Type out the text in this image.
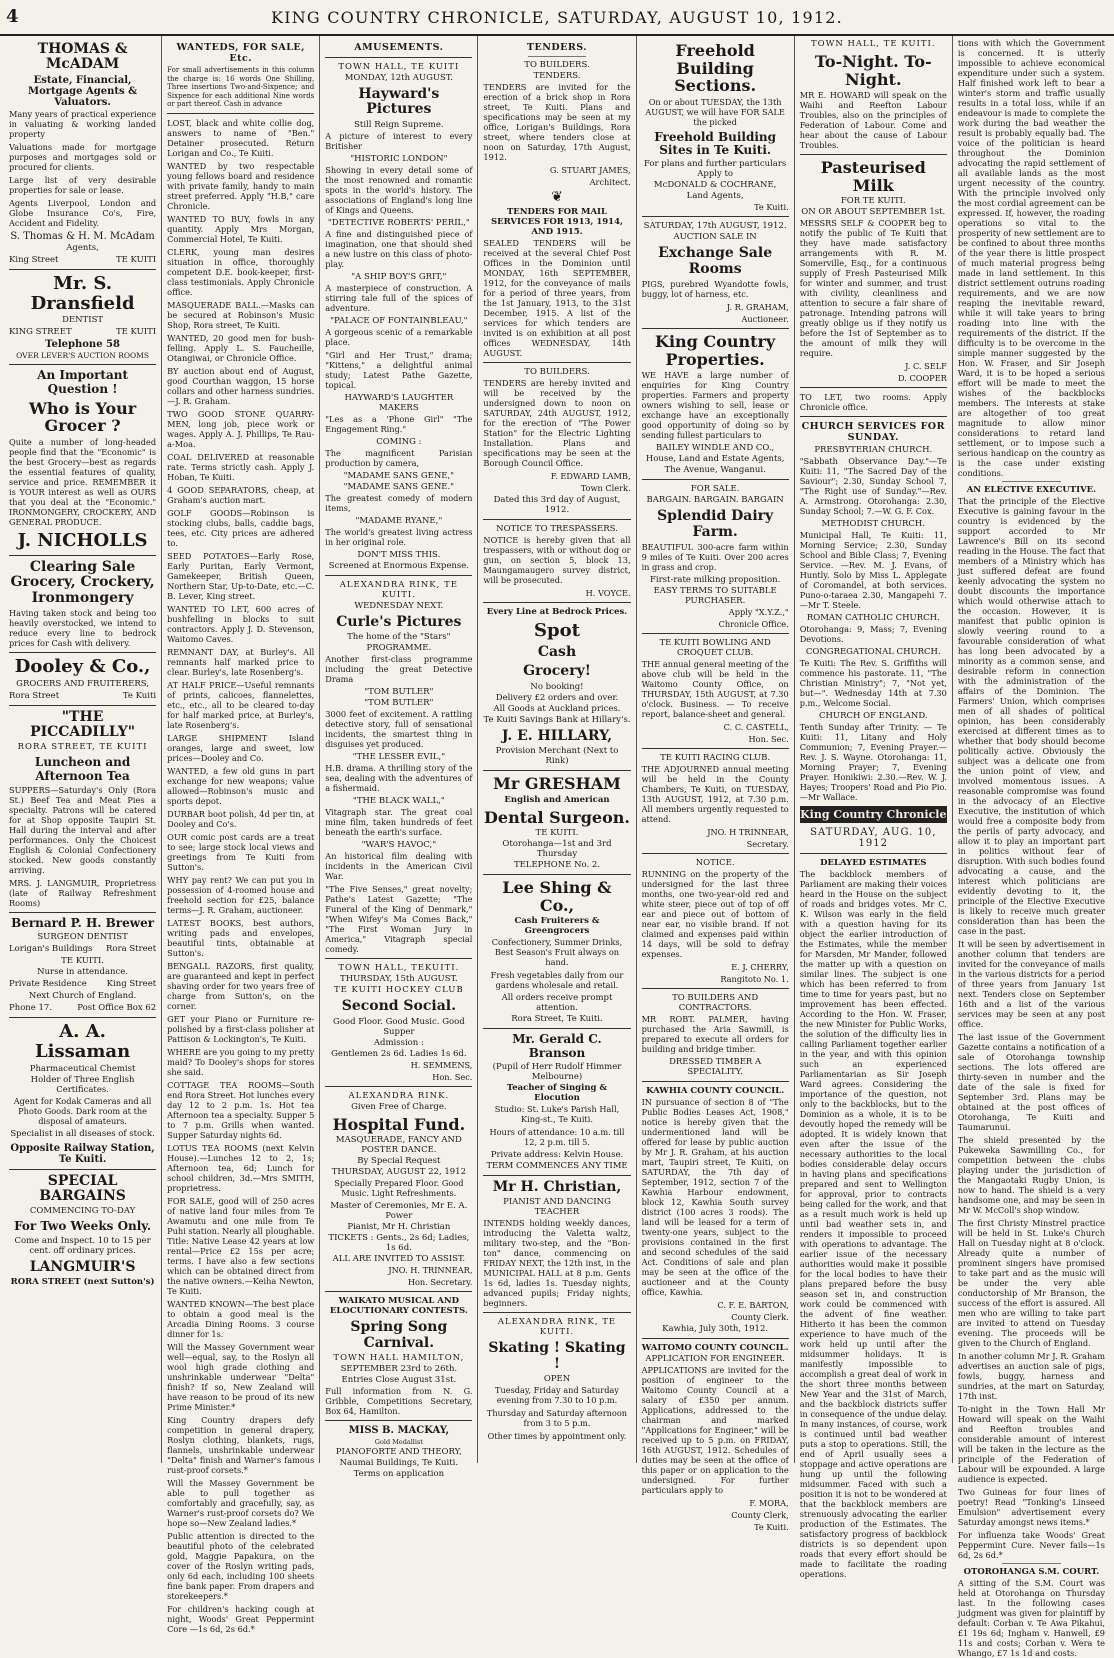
4	KING COUNTRY CHRONICLE, SATURDAY, AUGUST 10, 1912.
THOMAS & McADAM
Estate, Financial, Mortgage Agents & Valuators.

Many years of practical experience in valuating & working landed property

Valuations made for mortgage purposes and mortgages sold or procured for clients.

Large list of very desirable properties for sale or lease.

Agents Liverpool, London and Globe Insurance Co's, Fire, Accident and Fidelity.

S. Thomas & H. M. McAdam
Agents,
King Street	TE KUITI
Mr. S. Dransfield
DENTIST
KING STREET	TE KUITI
Telephone 58
OVER LEVER'S AUCTION ROOMS
An Important Question !
Who is Your Grocer ?

Quite a number of long-headed people find that the "Economic" is the best Grocery—best as regards the essential features of quality, service and price. REMEMBER it is YOUR interest as well as OURS that you deal at the "Economic." IRONMONGERY, CROCKERY, AND GENERAL PRODUCE.

J. NICHOLLS
Clearing Sale Grocery, Crockery, Ironmongery

Having taken stock and being too heavily overstocked, we intend to reduce every line to bedrock prices for Cash with delivery.

Dooley & Co.,
GROCERS AND FRUITERERS,
Rora Street	Te Kuiti
"THE PICCADILLY"
RORA STREET, TE KUITI
Luncheon and Afternoon Tea

SUPPERS—Saturday's Only (Rora St.) Beef Tea and Meat Pies a specialty. Patrons will be catered for at Shop opposite Taupiri St. Hall during the interval and after performances. Only the Choicest English & Colonial Confectionery stocked. New goods constantly arriving.

MRS. J. LANGMUIR, Proprietress (late of Railway Refreshment Rooms)

Bernard P. H. Brewer
SURGEON DENTIST
Lorigan's Buildings Rora Street
TE KUITI.
Nurse in attendance.
Private Residence King Street
Next Church of England.
Phone 17.	Post Office Box 62
A. A. Lissaman
Pharmaceutical Chemist
Holder of Three English Certificates.

Agent for Kodak Cameras and all Photo Goods. Dark room at the disposal of amateurs.

Specialist in all diseases of stock.
Opposite Railway Station, Te Kuiti.
SPECIAL BARGAINS
COMMENCING TO-DAY
For Two Weeks Only.
Come and Inspect. 10 to 15 per cent. off ordinary prices.
LANGMUIR'S
RORA STREET (next Sutton's)
WANTEDS, FOR SALE, Etc.

For small advertisements in this column the charge is: 16 words One Shilling, Three insertions Two-and-Sixpence; and Sixpence for each additional Nine words or part thereof. Cash in advance

LOST, black and white collie dog, answers to name of "Ben." Detainer prosecuted. Return Lorigan and Co., Te Kuiti.

WANTED by two respectable young fellows board and residence with private family, handy to main street preferred. Apply "H.B," care Chronicle.

WANTED TO BUY, fowls in any quantity. Apply Mrs Morgan, Commercial Hotel, Te Kuiti.

CLERK, young man desires situation in office, thoroughly competent D.E. book-keeper, first-class testimonials. Apply Chronicle office.

MASQUERADE BALL.—Masks can be secured at Robinson's Music Shop, Rora street, Te Kuiti.

WANTED, 20 good men for bush-felling. Apply L. S. Faucheille, Otangiwai, or Chronicle Office.

BY auction about end of August, good Courthan waggon, 15 horse collars and other harness sundries.—J. R. Graham.

TWO GOOD STONE QUARRY-MEN, long job, piece work or wages. Apply A. J. Phillips, Te Rau-a-Moa.

COAL DELIVERED at reasonable rate. Terms strictly cash. Apply J. Hoban, Te Kuiti.

4 GOOD SEPARATORS, cheap, at Graham's auction mart.

GOLF GOODS—Robinson is stocking clubs, balls, caddie bags, tees, etc. City prices are adhered to.

SEED POTATOES—Early Rose, Early Puritan, Early Vermont, Gamekeeper, British Queen, Northern Star, Up-to-Date, etc.—C. B. Lever, King street.

WANTED TO LET, 600 acres of bushfelling in blocks to suit contractors. Apply J. D. Stevenson, Waitomo Caves.

REMNANT DAY, at Burley's. All remnants half marked price to clear. Burley's, late Rosenberg's.

AT HALF PRICE—Useful remnants of prints, calicoes, flannelettes, etc., etc., all to be cleared to-day for half marked price, at Burley's, late Rosenberg's.

LARGE SHIPMENT Island oranges, large and sweet, low prices—Dooley and Co.

WANTED, a few old guns in part exchange for new weapons; value allowed—Robinson's music and sports depot.

DURBAR boot polish, 4d per tin, at Dooley and Co's.

OUR comic post cards are a treat to see; large stock local views and greetings from Te Kuiti from Sutton's.

WHY pay rent? We can put you in possession of 4-roomed house and freehold section for £25, balance terms—J. R. Graham, auctioneer.

LATEST BOOKS, best authors, writing pads and envelopes, beautiful tints, obtainable at Sutton's.

BENGALL RAZORS, first quality, are guaranteed and kept in perfect shaving order for two years free of charge from Sutton's, on the corner.

GET your Piano or Furniture re-polished by a first-class polisher at Pattison & Lockington's, Te Kuiti.

WHERE are you going to my pretty maid? To Dooley's shops for stores she said.

COTTAGE TEA ROOMS—South end Rora Street. Hot lunches every day 12 to 2 p.m. 1s. Hot tea Afternoon tea a specialty. Supper 5 to 7 p.m. Grills when wanted. Supper Saturday nights 6d.

LOTUS TEA ROOMS (next Kelvin House).—Lunches 12 to 2, 1s; Afternoon tea, 6d; Lunch for school children, 3d.—Mrs SMITH, proprietress.

FOR SALE, good will of 250 acres of native land four miles from Te Awamutu and one mile from Te Puhi station. Nearly all ploughable. Title: Native Lease 42 years at low rental—Price £2 15s per acre; terms. I have also a few sections which can be obtained direct from the native owners.—Keiha Newton, Te Kuiti.

WANTED KNOWN—The best place to obtain a good meal is the Arcadia Dining Rooms. 3 course dinner for 1s.

Will the Massey Government wear well—equal, say, to the Roslyn all wool high grade clothing and unshrinkable underwear "Delta" finish? If so, New Zealand will have reason to be proud of its new Prime Minister.*

King Country drapers defy competition in general drapery, Roslyn clothing, blankets, rugs, flannels, unshrinkable underwear "Delta" finish and Warner's famous rust-proof corsets.*

Will the Massey Government be able to pull together as comfortably and gracefully, say, as Warner's rust-proof corsets do? We hope so—New Zealand ladies.*

Public attention is directed to the beautiful photo of the celebrated gold, Maggie Papakura, on the cover of the Roslyn writing pads, only 6d each, including 100 sheets fine bank paper. From drapers and storekeepers.*

For children's hacking cough at night, Woods' Great Peppermint Core —1s 6d, 2s 6d.*

AMUSEMENTS.
TOWN HALL, TE KUITI
MONDAY, 12th AUGUST.
Hayward's Pictures
Still Reign Supreme.

A picture of interest to every Britisher

"HISTORIC LONDON"

Showing in every detail some of the most renowned and romantic spots in the world's history. The associations of England's long line of Kings and Queens.

"DETECTIVE ROBERTS' PERIL,"

A fine and distinguished piece of imagination, one that should shed a new lustre on this class of photo-play.

"A SHIP BOY'S GRIT,"

A masterpiece of construction. A stirring tale full of the spices of adventure.

"PALACE OF FONTAINBLEAU,"

A gorgeous scenic of a remarkable place.

"Girl and Her Trust," drama; "Kittens," a delightful animal study; Latest Pathe Gazette, topical.

HAYWARD'S LAUGHTER MAKERS

"Les as a 'Phone Girl" "The Engagement Ring."

COMING :

The magnificent Parisian production by camera,

"MADAME SANS GENE,"
"MADAME SANS GENE."

The greatest comedy of modern items,

"MADAME RYANE,"

The world's greatest living actress in her original role.

DON'T MISS THIS.
Screened at Enormous Expense.
ALEXANDRA RINK, TE KUITI.
WEDNESDAY NEXT.
Curle's Pictures
The home of the "Stars"
PROGRAMME.

Another first-class programme including the great Detective Drama

"TOM BUTLER"
"TOM BUTLER"

3000 feet of excitement. A rattling detective story, full of sensational incidents, the smartest thing in disguises yet produced.

"THE LESSER EVIL,"

H.B. drama. A thrilling story of the sea, dealing with the adventures of a fishermaid.

"THE BLACK WALL,"

Vitagraph star. The great coal mine film, taken hundreds of feet beneath the earth's surface.

"WAR'S HAVOC,"

An historical film dealing with incidents in the American Civil War.

"The Five Senses," great novelty; Pathe's Latest Gazette; "The Funeral of the King of Denmark," "When Wifey's Ma Comes Back," "The First Woman Jury in America," Vitagraph special comedy.

TOWN HALL, TEKUITI.
THURSDAY, 15th AUGUST.
TE KUITI HOCKEY CLUB
Second Social.
Good Floor. Good Music. Good Supper
Admission :
Gentlemen 2s 6d. Ladies 1s 6d.
H. SEMMENS,
Hon. Sec.
ALEXANDRA RINK.
Given Free of Charge.
Hospital Fund.
MASQUERADE, FANCY AND POSTER DANCE.
By Special Request
THURSDAY, AUGUST 22, 1912

Specially Prepared Floor. Good Music. Light Refreshments.

Master of Ceremonies, Mr E. A. Power
Pianist, Mr H. Christian
TICKETS : Gents., 2s 6d; Ladies, 1s 6d.
ALL ARE INVITED TO ASSIST.
JNO. H. TRINNEAR,
Hon. Secretary.
WAIKATO MUSICAL AND ELOCUTIONARY CONTESTS.
Spring Song Carnival.
TOWN HALL HAMILTON,
SEPTEMBER 23rd to 26th.
Entries Close August 31st.

Full information from N. G. Gribble, Competitions Secretary, Box 64, Hamilton.

MISS B. MACKAY,
Gold Medallist
PIANOFORTE AND THEORY,
Naumai Buildings, Te Kuiti.
Terms on application
TENDERS.
TO BUILDERS.
TENDERS.

TENDERS are invited for the erection of a brick shop in Rora street, Te Kuiti. Plans and specifications may be seen at my office, Lorigan's Buildings, Rora street, where tenders close at noon on Saturday, 17th August, 1912.

G. STUART JAMES,
Architect.
❦
TENDERS FOR MAIL SERVICES FOR 1913, 1914, AND 1915.

SEALED TENDERS will be received at the several Chief Post Offices in the Dominion until MONDAY, 16th SEPTEMBER, 1912, for the conveyance of mails for a period of three years, from the 1st January, 1913, to the 31st December, 1915. A list of the services for which tenders are invited is on exhibition at all post offices WEDNESDAY, 14th AUGUST.

TO BUILDERS.

TENDERS are hereby invited and will be received by the undersigned down to noon on SATURDAY, 24th AUGUST, 1912, for the erection of "The Power Station" for the Electric Lighting Installation. Plans and specifications may be seen at the Borough Council Office.

F. EDWARD LAMB,
Town Clerk.
Dated this 3rd day of August, 1912.
NOTICE TO TRESPASSERS.

NOTICE is hereby given that all trespassers, with or without dog or gun, on section 5, block 13, Maungamaugero survey district, will be prosecuted.

H. VOYCE.
Every Line at Bedrock Prices.
Spot
Cash
Grocery!
No booking!
Delivery £2 orders and over.
All Goods at Auckland prices.
Te Kuiti Savings Bank at Hillary's.
J. E. HILLARY,
Provision Merchant (Next to Rink)
Mr GRESHAM
English and American
Dental Surgeon.
TE KUITI.
Otorohanga—1st and 3rd Thursday
TELEPHONE No. 2.
Lee Shing & Co.,
Cash Fruiterers & Greengrocers

Confectionery, Summer Drinks, Best Season's Fruit always on hand.

Fresh vegetables daily from our gardens wholesale and retail.

All orders receive prompt attention.
Rora Street, Te Kuiti.
Mr. Gerald C. Branson
(Pupil of Herr Rudolf Himmer Melbourne)
Teacher of Singing & Elocution

Studio: St. Luke's Parish Hall, King-st., Te Kuiti.

Hours of attendance: 10 a.m. till 12, 2 p.m. till 5.

Private address: Kelvin House.
TERM COMMENCES ANY TIME
Mr H. Christian,
PIANIST AND DANCING TEACHER

INTENDS holding weekly dances, introducing the Valetta waltz, military two-step, and the "Bon-ton" dance, commencing on FRIDAY NEXT, the 12th inst, in the MUNICIPAL HALL at 8 p.m. Gents 1s 6d, ladies 1s. Tuesday nights, advanced pupils; Friday nights, beginners.

ALEXANDRA RINK, TE KUITI.
Skating ! Skating !
OPEN

Tuesday, Friday and Saturday evening from 7.30 to 10 p.m.

Thursday and Saturday afternoon from 3 to 5 p.m.

Other times by appointment only.

Freehold Building Sections.

On or about TUESDAY, the 13th AUGUST, we will have FOR SALE the picked

Freehold Building Sites in Te Kuiti.
For plans and further particulars Apply to
McDONALD & COCHRANE,
Land Agents,
Te Kuiti.
SATURDAY, 17th AUGUST, 1912.
AUCTION SALE IN
Exchange Sale Rooms

PIGS, purebred Wyandotte fowls, buggy, lot of harness, etc.

J. R. GRAHAM,
Auctioneer.
King Country Properties.

WE HAVE a large number of enquiries for King Country properties. Farmers and property owners wishing to sell, lease or exchange have an exceptionally good opportunity of doing so by sending fullest particulars to

BAILEY WINDLE AND CO.,
House, Land and Estate Agents,
The Avenue, Wanganui.
FOR SALE.
BARGAIN. BARGAIN. BARGAIN
Splendid Dairy Farm.

BEAUTIFUL 300-acre farm within 9 miles of Te Kuiti. Over 200 acres in grass and crop.

First-rate milking proposition.
EASY TERMS TO SUITABLE PURCHASER.
Apply "X.Y.Z.,"
Chronicle Office.
TE KUITI BOWLING AND CROQUET CLUB.

THE annual general meeting of the above club will be held in the Waitomo County Office, on THURSDAY, 15th AUGUST, at 7.30 o'clock. Business. — To receive report, balance-sheet and general.

C. C. CASTELL,
Hon. Sec.
TE KUITI RACING CLUB.

THE ADJOURNED annual meeting will be held in the County Chambers, Te Kuiti, on TUESDAY, 13th AUGUST, 1912, at 7.30 p.m. All members urgently requested to attend.

JNO. H TRINNEAR,
Secretary.
NOTICE.

RUNNING on the property of the undersigned for the last three months, one two-year-old red and white steer, piece out of top of off ear and piece out of bottom of near ear, no visible brand. If not claimed and expenses paid within 14 days, will be sold to defray expenses.

E. J. CHERRY,
Rangitoto No. 1.
TO BUILDERS AND CONTRACTORS.

MR ROBT. PALMER, having purchased the Aria Sawmill, is prepared to execute all orders for building and bridge timber.

DRESSED TIMBER A SPECIALITY.
KAWHIA COUNTY COUNCIL.

IN pursuance of section 8 of "The Public Bodies Leases Act, 1908," notice is hereby given that the undermentioned land will be offered for lease by public auction by Mr J. R. Graham, at his auction mart, Taupiri street, Te Kuiti, on SATURDAY, the 7th day of September, 1912, section 7 of the Kawhia Harbour endowment, block 12, Kawhia South survey district (100 acres 3 roods). The land will be leased for a term of twenty-one years, subject to the provisions contained in the first and second schedules of the said Act. Conditions of sale and plan may be seen at the office of the auctioneer and at the County office, Kawhia.

C. F. E. BARTON,
County Clerk.
Kawhia, July 30th, 1912.
WAITOMO COUNTY COUNCIL.
APPLICATION FOR ENGINEER.

APPLICATIONS are invited for the position of engineer to the Waitomo County Council at a salary of £350 per annum. Applications, addressed to the chairman and marked "Applications for Engineer," will be received up to 5 p.m. on FRIDAY, 16th AUGUST, 1912. Schedules of duties may be seen at the office of this paper or on application to the undersigned. For further particulars apply to

F. MORA,
County Clerk,
Te Kuiti.
TOWN HALL, TE KUITI.
To-Night. To-Night.

MR E. HOWARD will speak on the Waihi and Reefton Labour Troubles, also on the principles of Federation of Labour. Come and hear about the cause of Labour Troubles.

Pasteurised Milk
FOR TE KUITI.
ON OR ABOUT SEPTEMBER 1st.

MESSRS SELF & COOPER beg to notify the public of Te Kuiti that they have made satisfactory arrangements with R. M. Somerville, Esq., for a continuous supply of Fresh Pasteurised Milk for winter and summer, and trust with civility, cleanliness and attention to secure a fair share of patronage. Intending patrons will greatly oblige us if they notify us before the 1st of September as to the amount of milk they will require.

J. C. SELF
D. COOPER

TO LET, two rooms. Apply Chronicle office.

CHURCH SERVICES FOR SUNDAY.
PRESBYTERIAN CHURCH.

"Sabbath Observance Day."—Te Kuiti: 11, "The Sacred Day of the Saviour"; 2.30, Sunday School 7, "The Right use of Sunday."—Rev. A. Armstrong. Otorohanga: 2.30, Sunday School; 7.—W. G. F. Cox.

METHODIST CHURCH.

Municipal Hall, Te Kuiti: 11, Morning Service; 2.30, Sunday School and Bible Class; 7, Evening Service. —Rev. M. J. Evans, of Huntly. Solo by Miss L. Applegate of Coromandel, at both services. Puno-o-taraea 2.30, Mangapehi 7.—Mr T. Steele.

ROMAN CATHOLIC CHURCH.

Otorohanga: 9, Mass; 7, Evening Devotions.

CONGREGATIONAL CHURCH.

Te Kuiti: The Rev. S. Griffiths will commence his pastorate. 11, "The Christian Ministry"; 7, "Not yet, but—". Wednesday 14th at 7.30 p.m., Welcome Social.

CHURCH OF ENGLAND.

Tenth Sunday after Trinity. — Te Kuiti: 11, Litany and Holy Communion; 7, Evening Prayer.—Rev. J. S. Wayne. Otorohanga: 11, Morning Prayer; 7, Evening Prayer. Honikiwi: 2.30.—Rev. W. J. Hayes; Troopers' Road and Pio Pio.—Mr Wallace.

King Country Chronicle
SATURDAY, AUG. 10, 1912
DELAYED ESTIMATES

The backblock members of Parliament are making their voices heard in the House on the subject of roads and bridges votes. Mr C. K. Wilson was early in the field with a question having for its object the earlier introduction of the Estimates, while the member for Marsden, Mr Mander, followed the matter up with a question on similar lines. The subject is one which has been referred to from time to time for years past, but no improvement has been effected. According to the Hon. W. Fraser, the new Minister for Public Works, the solution of the difficulty lies in calling Parliament together earlier in the year, and with this opinion such an experienced Parliamentarian as Sir Joseph Ward agrees. Considering the importance of the question, not only to the backblocks, but to the Dominion as a whole, it is to be devoutly hoped the remedy will be adopted. It is widely known that even after the issue of the necessary authorities to the local bodies considerable delay occurs in having plans and specifications prepared and sent to Wellington for approval, prior to contracts being called for the work, and that as a result much work is held up until bad weather sets in, and renders it impossible to proceed with operations to advantage. The earlier issue of the necessary authorities would make it possible for the local bodies to have their plans prepared before the busy season set in, and construction work could be commenced with the advent of fine weather. Hitherto it has been the common experience to have much of the work held up until after the midsummer holidays. It is manifestly impossible to accomplish a great deal of work in the short three months between New Year and the 31st of March, and the backblock districts suffer in consequence of the undue delay. In many instances, of course, work is continued until bad weather puts a stop to operations. Still, the end of April usually sees a stoppage and active operations are hung up until the following midsummer. Faced with such a position it is not to be wondered at that the backblock members are strenuously advocating the earlier production of the Estimates. The satisfactory progress of backblock districts is so dependent upon roads that every effort should be made to facilitate the roading operations.

tions with which the Government is concerned. It is utterly impossible to achieve economical expenditure under such a system. Half finished work left to bear a winter's storm and traffic usually results in a total loss, while if an endeavour is made to complete the work during the bad weather the result is probably equally bad. The voice of the politician is heard throughout the Dominion advocating the rapid settlement of all available lands as the most urgent necessity of the country. With the principle involved only the most cordial agreement can be expressed. If, however, the roading operations so vital to the prosperity of new settlement are to be confined to about three months of the year there is little prospect of much material progress being made in land settlement. In this district settlement outruns roading requirements, and we are now reaping the inevitable reward, while it will take years to bring roading into line with the requirements of the district. If the difficulty is to be overcome in the simple manner suggested by the Hon. W. Fraser, and Sir Joseph Ward, it is to be hoped a serious effort will be made to meet the wishes of the backblocks members. The interests at stake are altogether of too great magnitude to allow minor considerations to retard land settlement, or to impose such a serious handicap on the country as is the case under existing conditions.

AN ELECTIVE EXECUTIVE.

That the principle of the Elective Executive is gaining favour in the country is evidenced by the support accorded to Mr Lawrence's Bill on its second reading in the House. The fact that members of a Ministry which has just suffered defeat are found keenly advocating the system no doubt discounts the importance which would otherwise attach to the occasion. However, it is manifest that public opinion is slowly veering round to a favourable consideration of what has long been advocated by a minority as a common sense, and desirable reform in connection with the administration of the affairs of the Dominion. The Farmers' Union, which comprises men of all shades of political opinion, has been considerably exercised at different times as to whether that body should become politically active. Obviously the subject was a delicate one from the union point of view, and involved momentous issues. A reasonable compromise was found in the advocacy of an Elective Executive, the institution of which would free a composite body from the perils of party advocacy, and allow it to play an important part in politics without fear of disruption. With such bodies found advocating a cause, and the interest which politicians are evidently devoting to it, the principle of the Elective Executive is likely to receive much greater consideration than has been the case in the past.

It will be seen by advertisement in another column that tenders are invited for the conveyance of mails in the various districts for a period of three years from January 1st next. Tenders close on September 16th and a list of the various services may be seen at any post office.

The last issue of the Government Gazette contains a notification of a sale of Otorohanga township sections. The lots offered are thirty-seven in number and the date of the sale is fixed for September 3rd. Plans may be obtained at the post offices of Otorohanga, Te Kuiti and Taumarunui.

The shield presented by the Pukeweka Sawmilling Co., for competition between the clubs playing under the jurisdiction of the Mangaotaki Rugby Union, is now to hand. The shield is a very handsome one, and may be seen in Mr W. McColl's shop window.

The first Christy Minstrel practice will be held in St. Luke's Church Hall on Tuesday night at 8 o'clock. Already quite a number of prominent singers have promised to take part and as the music will be under the very able conductorship of Mr Branson, the success of the effort is assured. All men who are willing to take part are invited to attend on Tuesday evening. The proceeds will be given to the Church of England.

In another column Mr J. R. Graham advertises an auction sale of pigs, fowls, buggy, harness and sundries, at the mart on Saturday, 17th inst.

To-night in the Town Hall Mr Howard will speak on the Waihi and Reefton troubles and considerable amount of interest will be taken in the lecture as the principle of the Federation of Labour will be expounded. A large audience is expected.

Two Guineas for four lines of poetry! Read "Tonking's Linseed Emulsion" advertisement every Saturday amongst news items.*

For influenza take Woods' Great Peppermint Cure. Never fails—1s 6d, 2s 6d.*

OTOROHANGA S.M. COURT.

A sitting of the S.M. Court was held at Otorohanga on Thursday last. In the following cases judgment was given for plaintiff by default: Corban v. Te Awa Pikahui, £1 19s 6d; Ingham v. Hanwell, £9 11s and costs; Corban v. Wera te Whango, £7 1s 1d and costs.
